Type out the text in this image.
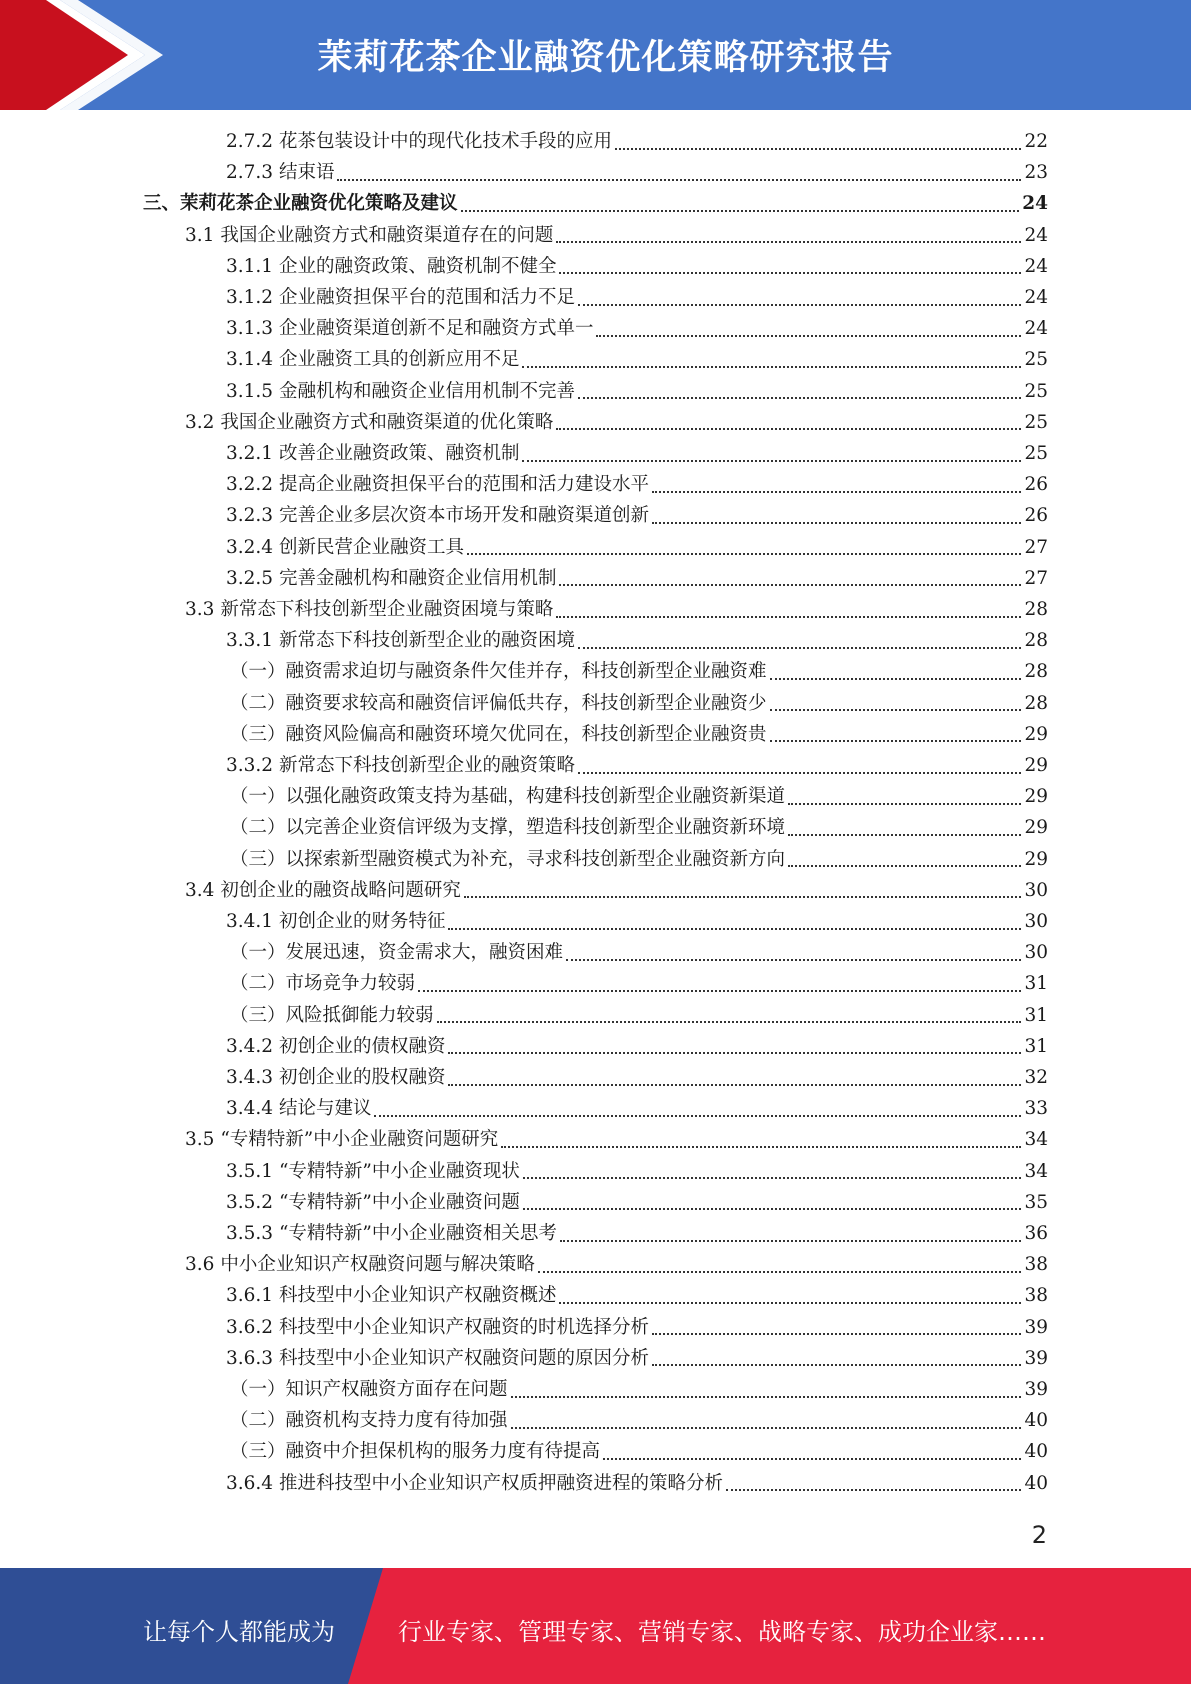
茉莉花茶企业融资优化策略研究报告
2.7.2 花茶包装设计中的现代化技术手段的应用	22
2.7.3 结束语	23
三、茉莉花茶企业融资优化策略及建议	24
3.1 我国企业融资方式和融资渠道存在的问题	24
3.1.1 企业的融资政策、融资机制不健全	24
3.1.2 企业融资担保平台的范围和活力不足	24
3.1.3 企业融资渠道创新不足和融资方式单一	24
3.1.4 企业融资工具的创新应用不足	25
3.1.5 金融机构和融资企业信用机制不完善	25
3.2 我国企业融资方式和融资渠道的优化策略	25
3.2.1 改善企业融资政策、融资机制	25
3.2.2 提高企业融资担保平台的范围和活力建设水平	26
3.2.3 完善企业多层次资本市场开发和融资渠道创新	26
3.2.4 创新民营企业融资工具	27
3.2.5 完善金融机构和融资企业信用机制	27
3.3 新常态下科技创新型企业融资困境与策略	28
3.3.1 新常态下科技创新型企业的融资困境	28
（一）融资需求迫切与融资条件欠佳并存，科技创新型企业融资难	28
（二）融资要求较高和融资信评偏低共存，科技创新型企业融资少	28
（三）融资风险偏高和融资环境欠优同在，科技创新型企业融资贵	29
3.3.2 新常态下科技创新型企业的融资策略	29
（一）以强化融资政策支持为基础，构建科技创新型企业融资新渠道	29
（二）以完善企业资信评级为支撑，塑造科技创新型企业融资新环境	29
（三）以探索新型融资模式为补充，寻求科技创新型企业融资新方向	29
3.4 初创企业的融资战略问题研究	30
3.4.1 初创企业的财务特征	30
（一）发展迅速，资金需求大，融资困难	30
（二）市场竞争力较弱	31
（三）风险抵御能力较弱	31
3.4.2 初创企业的债权融资	31
3.4.3 初创企业的股权融资	32
3.4.4 结论与建议	33
3.5 “专精特新”中小企业融资问题研究	34
3.5.1 “专精特新”中小企业融资现状	34
3.5.2 “专精特新”中小企业融资问题	35
3.5.3 “专精特新”中小企业融资相关思考	36
3.6 中小企业知识产权融资问题与解决策略	38
3.6.1 科技型中小企业知识产权融资概述	38
3.6.2 科技型中小企业知识产权融资的时机选择分析	39
3.6.3 科技型中小企业知识产权融资问题的原因分析	39
（一）知识产权融资方面存在问题	39
（二）融资机构支持力度有待加强	40
（三）融资中介担保机构的服务力度有待提高	40
3.6.4 推进科技型中小企业知识产权质押融资进程的策略分析	40
2
让每个人都能成为	行业专家、管理专家、营销专家、战略专家、成功企业家……
